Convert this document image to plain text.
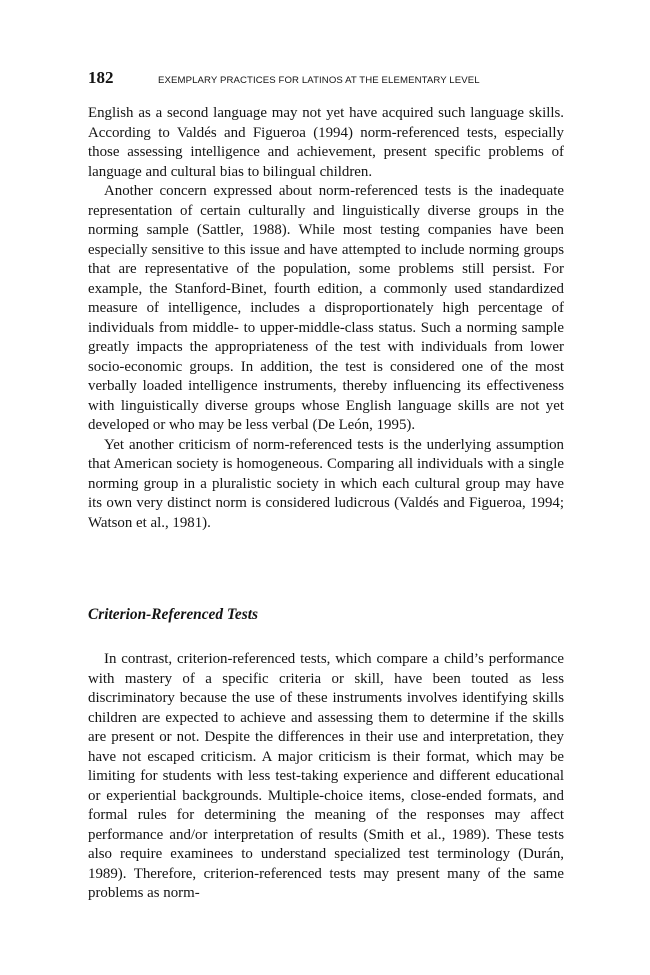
182	EXEMPLARY PRACTICES FOR LATINOS AT THE ELEMENTARY LEVEL

English as a second language may not yet have acquired such language skills. According to Valdés and Figueroa (1994) norm-referenced tests, especially those assessing intelligence and achievement, present specific problems of language and cultural bias to bilingual children.

Another concern expressed about norm-referenced tests is the inadequate representation of certain culturally and linguistically diverse groups in the norming sample (Sattler, 1988). While most testing companies have been especially sensitive to this issue and have attempted to include norming groups that are representative of the population, some problems still persist. For example, the Stanford-Binet, fourth edition, a commonly used standardized measure of intelligence, includes a disproportionately high percentage of individuals from middle- to upper-middle-class status. Such a norming sample greatly impacts the appropriateness of the test with individuals from lower socio-economic groups. In addition, the test is considered one of the most verbally loaded intelligence instruments, thereby influencing its effectiveness with linguistically diverse groups whose English language skills are not yet developed or who may be less verbal (De León, 1995).

Yet another criticism of norm-referenced tests is the underlying assumption that American society is homogeneous. Comparing all individuals with a single norming group in a pluralistic society in which each cultural group may have its own very distinct norm is considered ludicrous (Valdés and Figueroa, 1994; Watson et al., 1981).

Criterion-Referenced Tests

In contrast, criterion-referenced tests, which compare a child’s performance with mastery of a specific criteria or skill, have been touted as less discriminatory because the use of these instruments involves identifying skills children are expected to achieve and assessing them to determine if the skills are present or not. Despite the differences in their use and interpretation, they have not escaped criticism. A major criticism is their format, which may be limiting for students with less test-taking experience and different educational or experiential backgrounds. Multiple-choice items, close-ended formats, and formal rules for determining the meaning of the responses may affect performance and/or interpretation of results (Smith et al., 1989). These tests also require examinees to understand specialized test terminology (Durán, 1989). Therefore, criterion-referenced tests may present many of the same problems as norm-
